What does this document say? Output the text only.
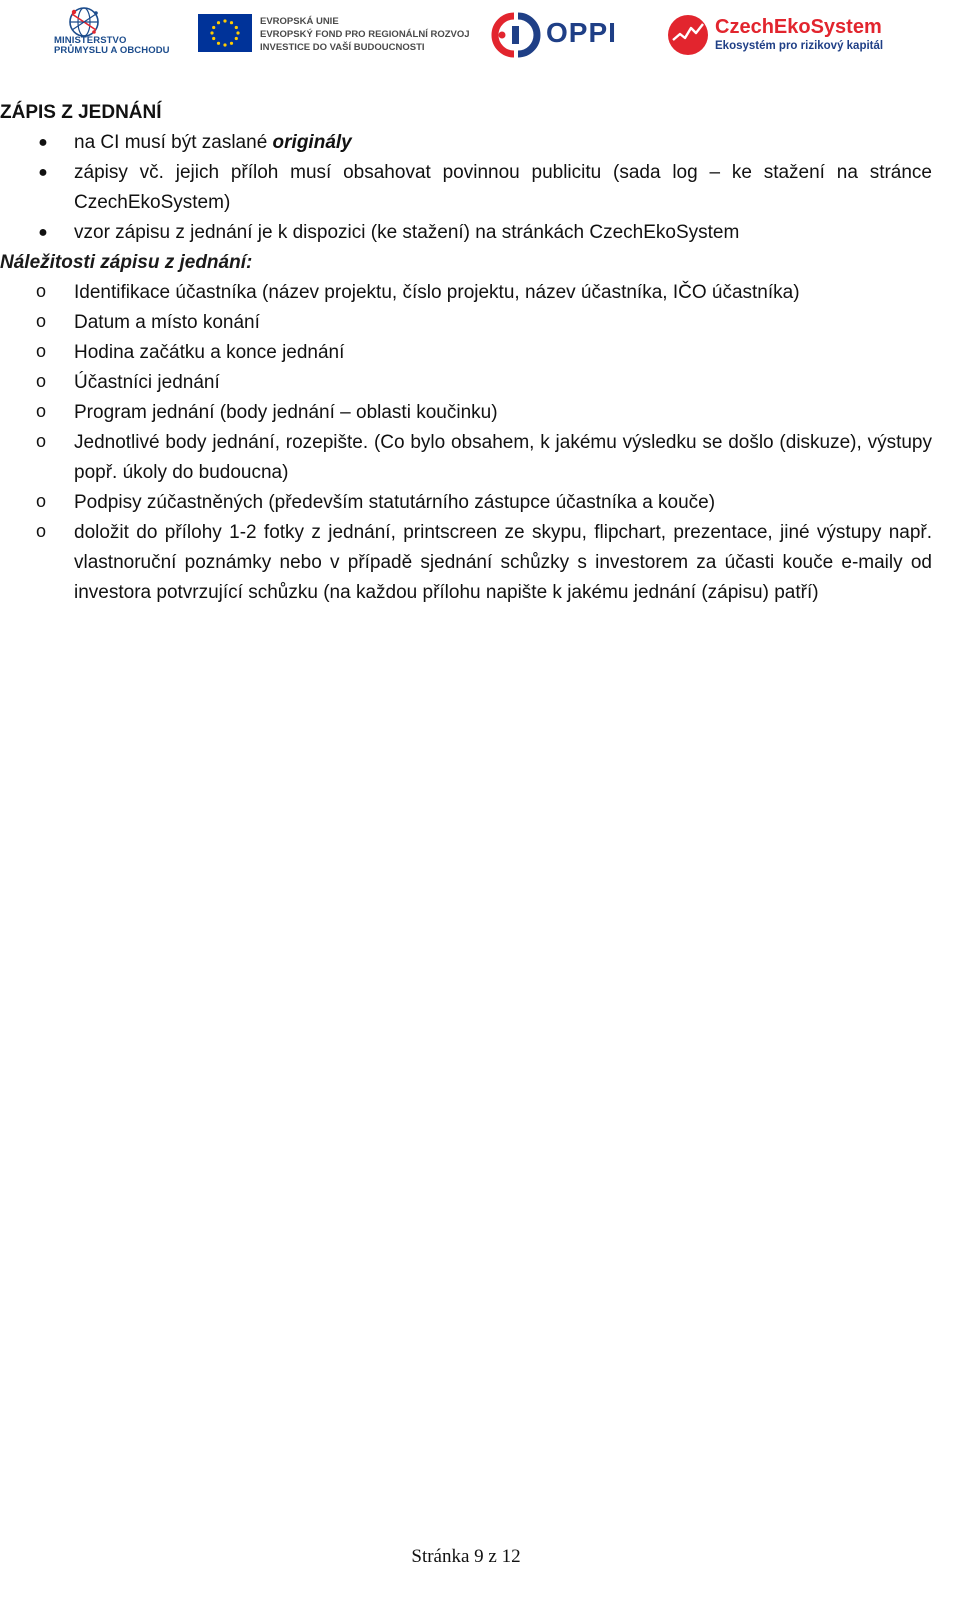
MINISTERSTVO
PRŮMYSLU A OBCHODU
EVROPSKÁ UNIE
EVROPSKÝ FOND PRO REGIONÁLNÍ ROZVOJ
INVESTICE DO VAŠÍ BUDOUCNOSTI	OPPI	CzechEkoSystem
Ekosystém pro rizikový kapitál

ZÁPIS Z JEDNÁNÍ

● na CI musí být zaslané originály
● zápisy vč. jejich příloh musí obsahovat povinnou publicitu (sada log – ke stažení na stránce CzechEkoSystem)
● vzor zápisu z jednání je k dispozici (ke stažení) na stránkách CzechEkoSystem

Náležitosti zápisu z jednání:

o Identifikace účastníka (název projektu, číslo projektu, název účastníka, IČO účastníka)
o Datum a místo konání
o Hodina začátku a konce jednání
o Účastníci jednání
o Program jednání (body jednání – oblasti koučinku)
o Jednotlivé body jednání, rozepište. (Co bylo obsahem, k jakému výsledku se došlo (diskuze), výstupy popř. úkoly do budoucna)
o Podpisy zúčastněných (především statutárního zástupce účastníka a kouče)
o doložit do přílohy 1-2 fotky z jednání, printscreen ze skypu, flipchart, prezentace, jiné výstupy např. vlastnoruční poznámky nebo v případě sjednání schůzky s investorem za účasti kouče e-maily od investora potvrzující schůzku (na každou přílohu napište k jakému jednání (zápisu) patří)
Stránka 9 z 12
